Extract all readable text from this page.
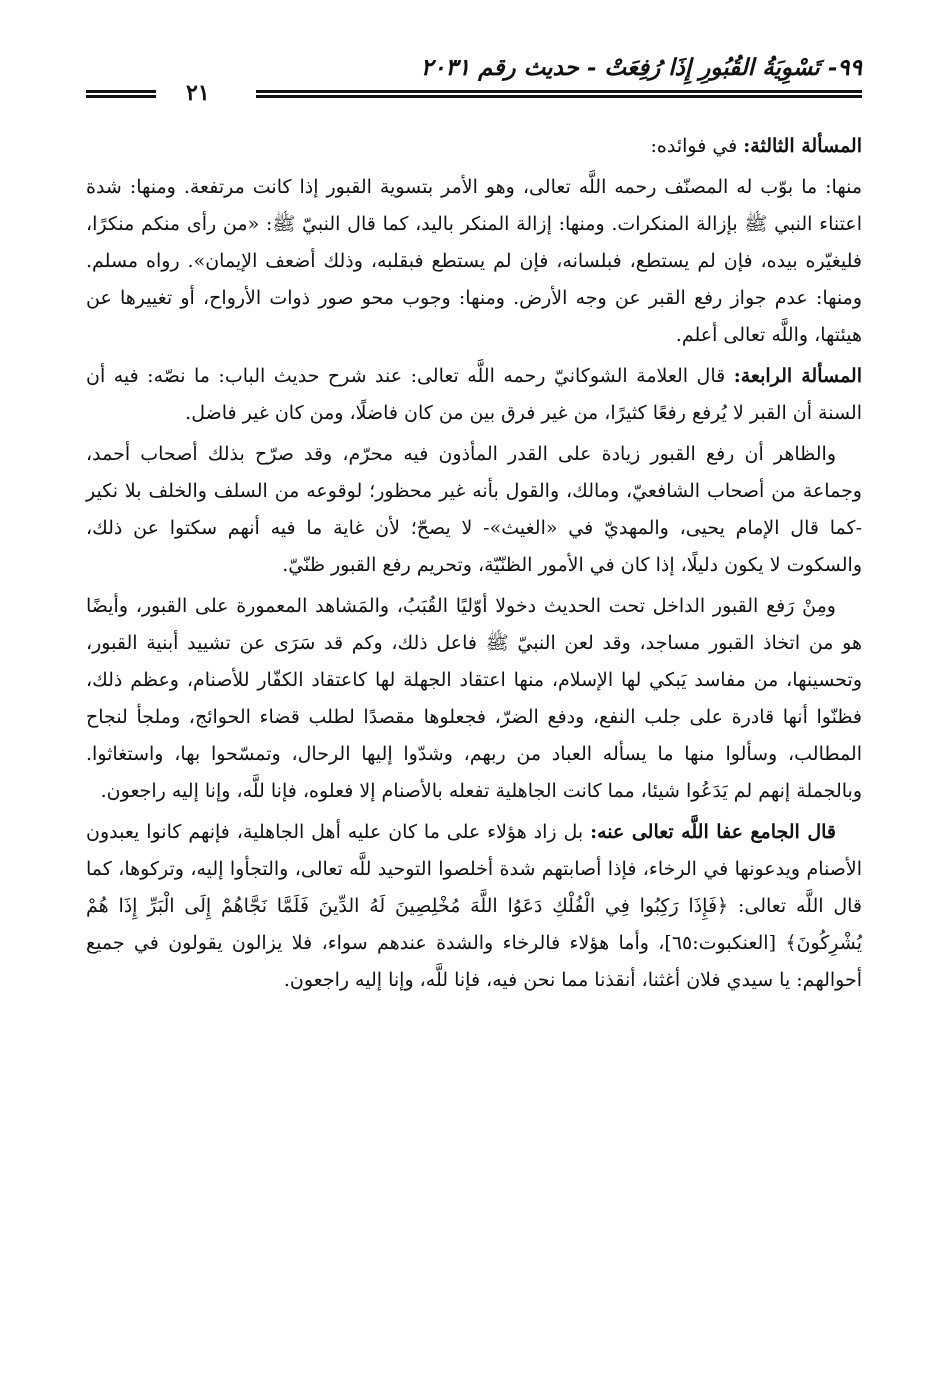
٩٩- تَسْوِيَةُ القُبُورِ إِذَا رُفِعَتْ - حديث رقم ٢٠٣١
٢١

المسألة الثالثة: في فوائده:

منها: ما بوّب له المصنّف رحمه اللَّه تعالى، وهو الأمر بتسوية القبور إذا كانت مرتفعة. ومنها: شدة اعتناء النبي ﷺ بإزالة المنكرات. ومنها: إزالة المنكر باليد، كما قال النبيّ ﷺ: «من رأى منكم منكرًا، فليغيّره بيده، فإن لم يستطع، فبلسانه، فإن لم يستطع فبقلبه، وذلك أضعف الإيمان». رواه مسلم. ومنها: عدم جواز رفع القبر عن وجه الأرض. ومنها: وجوب محو صور ذوات الأرواح، أو تغييرها عن هيئتها، واللَّه تعالى أعلم.

المسألة الرابعة: قال العلامة الشوكانيّ رحمه اللَّه تعالى: عند شرح حديث الباب: ما نصّه: فيه أن السنة أن القبر لا يُرفع رفعًا كثيرًا، من غير فرق بين من كان فاضلًا، ومن كان غير فاضل.

والظاهر أن رفع القبور زيادة على القدر المأذون فيه محرّم، وقد صرّح بذلك أصحاب أحمد، وجماعة من أصحاب الشافعيّ، ومالك، والقول بأنه غير محظور؛ لوقوعه من السلف والخلف بلا نكير -كما قال الإمام يحيى، والمهديّ في «الغيث»- لا يصحّ؛ لأن غاية ما فيه أنهم سكتوا عن ذلك، والسكوت لا يكون دليلًا، إذا كان في الأمور الظنّيّة، وتحريم رفع القبور ظنّيّ.

ومِنْ رَفع القبور الداخل تحت الحديث دخولا أوّليًا القُبَبُ، والمَشاهد المعمورة على القبور، وأيضًا هو من اتخاذ القبور مساجد، وقد لعن النبيّ ﷺ فاعل ذلك، وكم قد سَرَى عن تشييد أبنية القبور، وتحسينها، من مفاسد يَبكي لها الإسلام، منها اعتقاد الجهلة لها كاعتقاد الكفّار للأصنام، وعظم ذلك، فظنّوا أنها قادرة على جلب النفع، ودفع الضرّ، فجعلوها مقصدًا لطلب قضاء الحوائج، وملجأ لنجاح المطالب، وسألوا منها ما يسأله العباد من ربهم، وشدّوا إليها الرحال، وتمسّحوا بها، واستغاثوا. وبالجملة إنهم لم يَدَعُوا شيئا، مما كانت الجاهلية تفعله بالأصنام إلا فعلوه، فإنا للَّه، وإنا إليه راجعون.

قال الجامع عفا اللَّه تعالى عنه: بل زاد هؤلاء على ما كان عليه أهل الجاهلية، فإنهم كانوا يعبدون الأصنام ويدعونها في الرخاء، فإذا أصابتهم شدة أخلصوا التوحيد للَّه تعالى، والتجأوا إليه، وتركوها، كما قال اللَّه تعالى: ﴿فَإِذَا رَكِبُوا فِي الْفُلْكِ دَعَوُا اللَّهَ مُخْلِصِينَ لَهُ الدِّينَ فَلَمَّا نَجَّاهُمْ إِلَى الْبَرِّ إِذَا هُمْ يُشْرِكُونَ﴾ [العنكبوت:٦٥]، وأما هؤلاء فالرخاء والشدة عندهم سواء، فلا يزالون يقولون في جميع أحوالهم: يا سيدي فلان أغثنا، أنقذنا مما نحن فيه، فإنا للَّه، وإنا إليه راجعون.
